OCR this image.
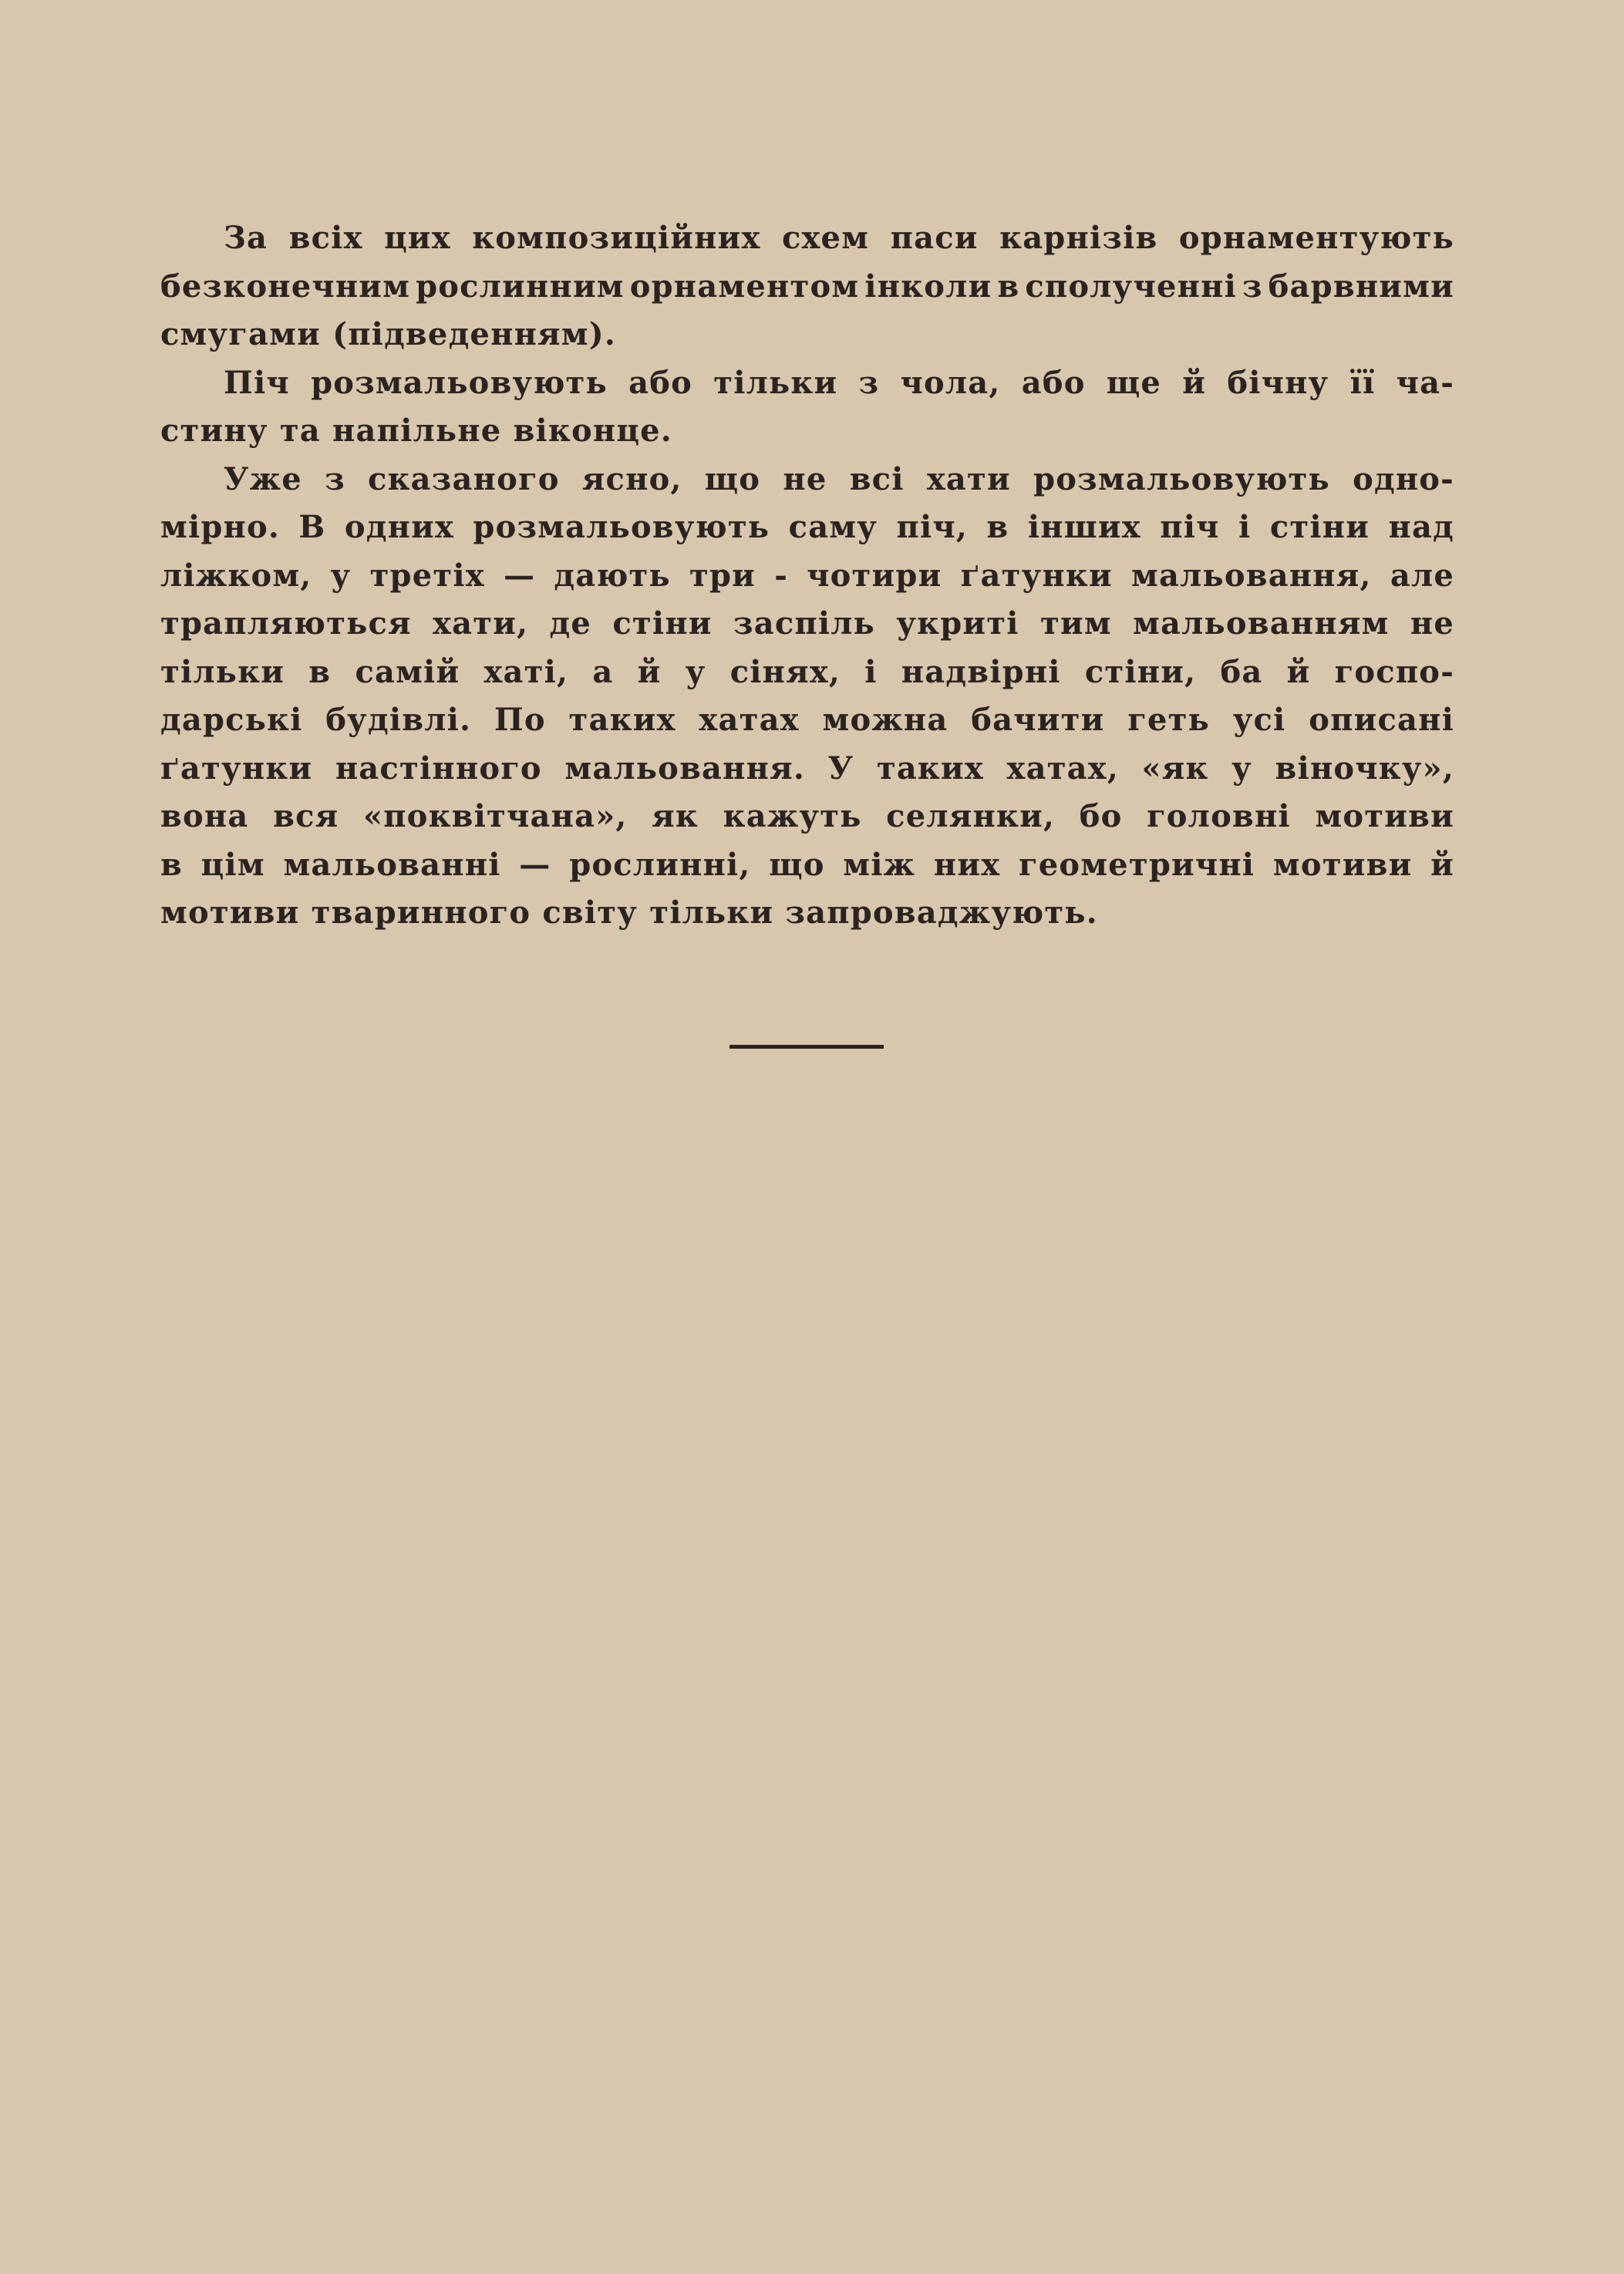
За всіх цих композиційних схем паси карнізів орнаментують
безконечним рослинним орнаментом інколи в сполученні з барвними
смугами (підведенням).

Піч розмальовують або тільки з чола, або ще й бічну її ча-
стину та напільне віконце.

Уже з сказаного ясно, що не всі хати розмальовують одно-
мірно. В одних розмальовують саму піч, в інших піч і стіни над
ліжком, у третіх — дають три - чотири ґатунки мальовання, але
трапляються хати, де стіни заспіль укриті тим мальованням не
тільки в самій хаті, а й у сінях, і надвірні стіни, ба й госпо-
дарські будівлі. По таких хатах можна бачити геть усі описані
ґатунки настінного мальовання. У таких хатах, «як у віночку»,
вона вся «поквітчана», як кажуть селянки, бо головні мотиви
в цім мальованні — рослинні, що між них геометричні мотиви й
мотиви тваринного світу тільки запроваджують.
